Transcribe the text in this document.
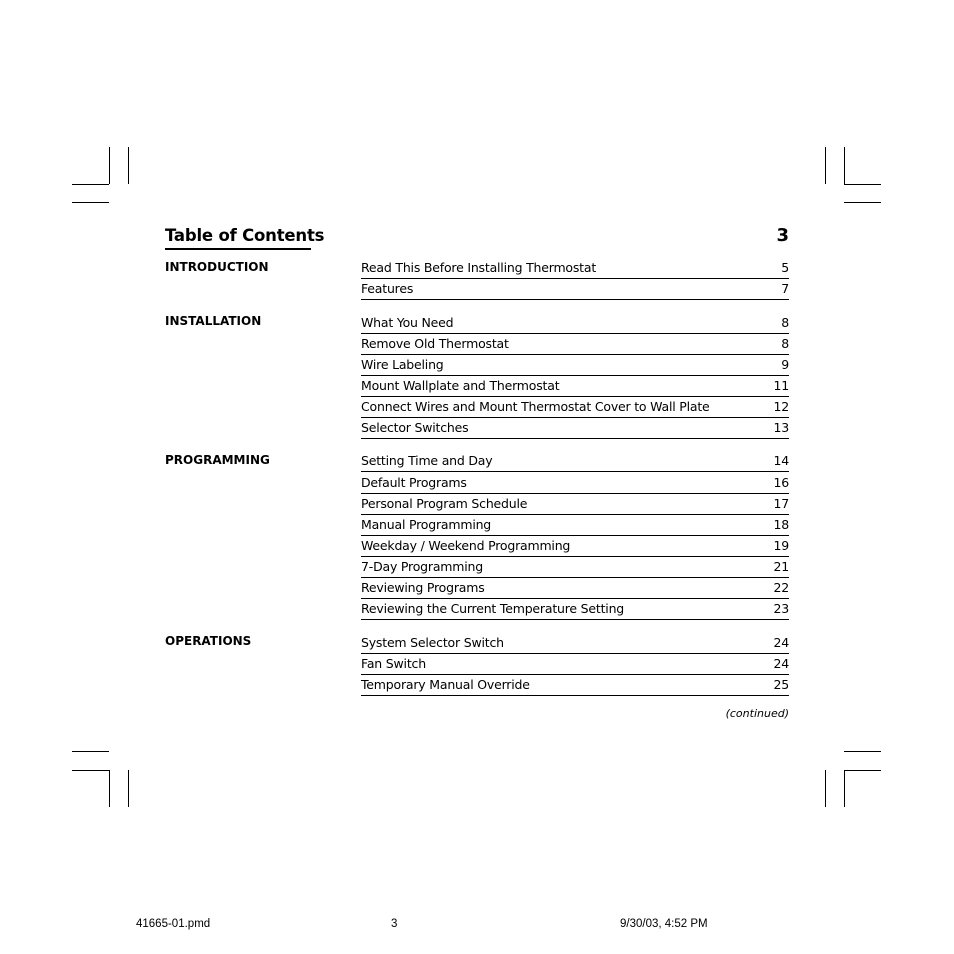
Table of Contents	3
INTRODUCTION	Read This Before Installing Thermostat	5
Features	7
INSTALLATION	What You Need	8
Remove Old Thermostat	8
Wire Labeling	9
Mount Wallplate and Thermostat	11
Connect Wires and Mount Thermostat Cover to Wall Plate	12
Selector Switches	13
PROGRAMMING	Setting Time and Day	14
Default Programs	16
Personal Program Schedule	17
Manual Programming	18
Weekday / Weekend Programming	19
7-Day Programming	21
Reviewing Programs	22
Reviewing the Current Temperature Setting	23
OPERATIONS	System Selector Switch	24
Fan Switch	24
Temporary Manual Override	25
(continued)
41665-01.pmd	3	9/30/03, 4:52 PM
